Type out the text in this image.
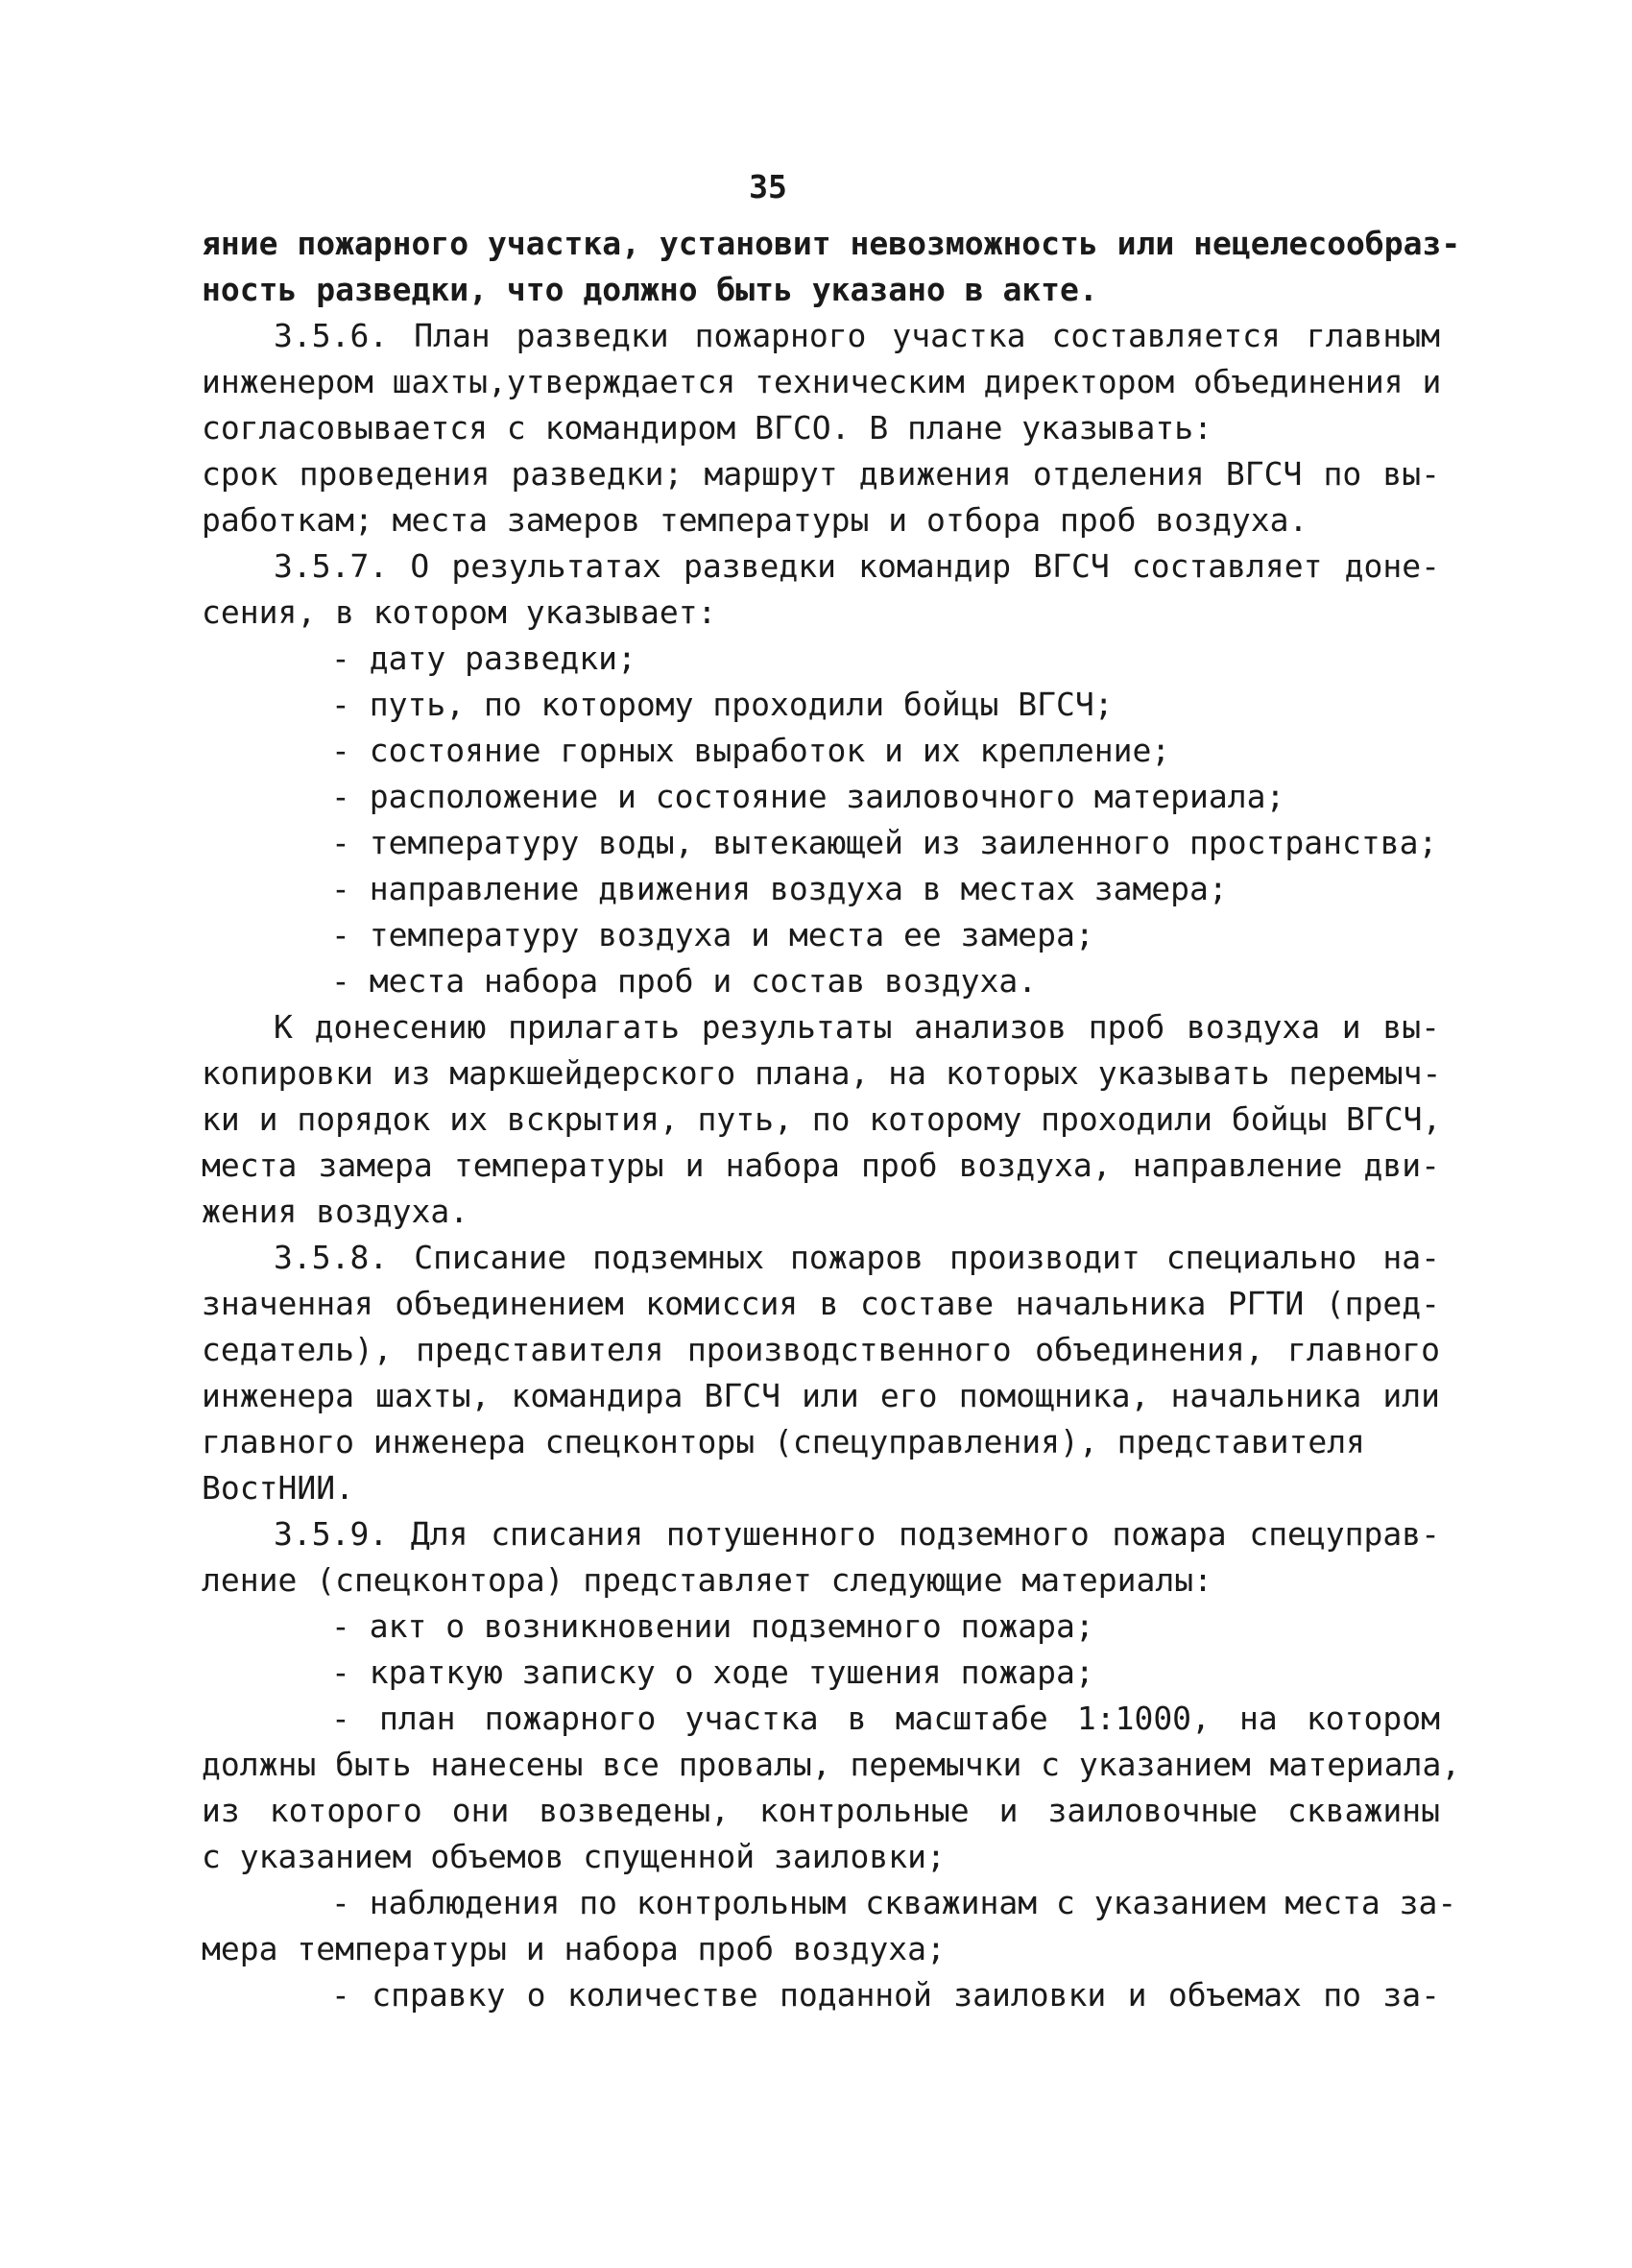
35
яние пожарного участка, установит невозможность или нецелесообраз-
ность разведки, что должно быть указано в акте.
3.5.6. План разведки пожарного участка составляется главным
инженером шахты,утверждается техническим директором объединения и
согласовывается с командиром ВГСО. В плане указывать:
срок проведения разведки; маршрут движения отделения ВГСЧ по вы-
работкам; места замеров температуры и отбора проб воздуха.
3.5.7. О результатах разведки командир ВГСЧ составляет доне-
сения, в котором указывает:
- дату разведки;
- путь, по которому проходили бойцы ВГСЧ;
- состояние горных выработок и их крепление;
- расположение и состояние заиловочного материала;
- температуру воды, вытекающей из заиленного пространства;
- направление движения воздуха в местах замера;
- температуру воздуха и места ее замера;
- места набора проб и состав воздуха.
К донесению прилагать результаты анализов проб воздуха и вы-
копировки из маркшейдерского плана, на которых указывать перемыч-
ки и порядок их вскрытия, путь, по которому проходили бойцы ВГСЧ,
места замера температуры и набора проб воздуха, направление дви-
жения воздуха.
3.5.8. Списание подземных пожаров производит специально на-
значенная объединением комиссия в составе начальника РГТИ (пред-
седатель), представителя производственного объединения, главного
инженера шахты, командира ВГСЧ или его помощника, начальника или
главного инженера спецконторы (спецуправления), представителя
ВостНИИ.
3.5.9. Для списания потушенного подземного пожара спецуправ-
ление (спецконтора) представляет следующие материалы:
- акт о возникновении подземного пожара;
- краткую записку о ходе тушения пожара;
- план пожарного участка в масштабе 1:1000, на котором
должны быть нанесены все провалы, перемычки с указанием материала,
из которого они возведены, контрольные и заиловочные скважины
с указанием объемов спущенной заиловки;
- наблюдения по контрольным скважинам с указанием места за-
мера температуры и набора проб воздуха;
- справку о количестве поданной заиловки и объемах по за-
